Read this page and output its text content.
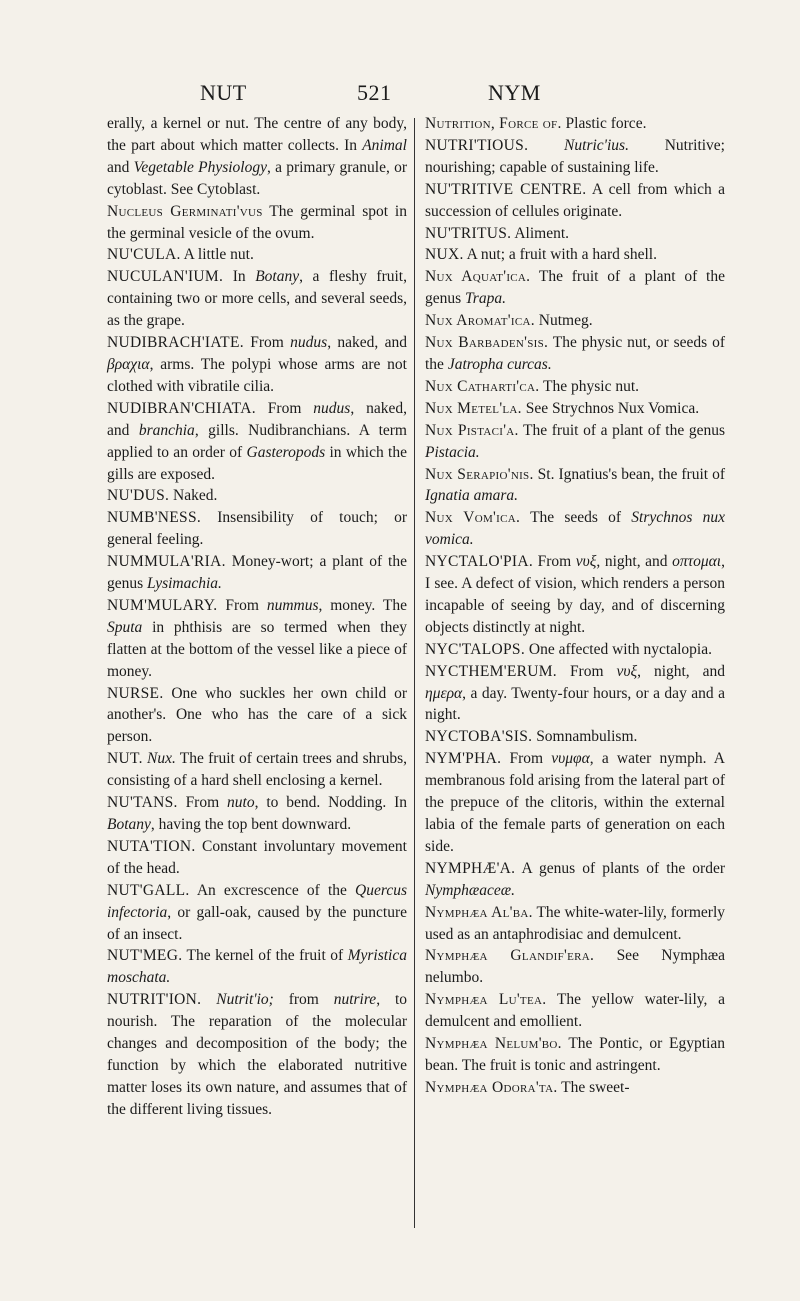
NUT	521	NYM

erally, a kernel or nut. The centre of any body, the part about which matter collects. In Animal and Vegetable Physiology, a primary granule, or cytoblast. See Cytoblast.

Nucleus Germinati'vus The germinal spot in the germinal vesicle of the ovum.

NU'CULA. A little nut.

NUCULAN'IUM. In Botany, a fleshy fruit, containing two or more cells, and several seeds, as the grape.

NUDIBRACH'IATE. From nudus, naked, and βραχια, arms. The polypi whose arms are not clothed with vibratile cilia.

NUDIBRAN'CHIATA. From nudus, naked, and branchia, gills. Nudibranchians. A term applied to an order of Gasteropods in which the gills are exposed.

NU'DUS. Naked.

NUMB'NESS. Insensibility of touch; or general feeling.

NUMMULA'RIA. Money-wort; a plant of the genus Lysimachia.

NUM'MULARY. From nummus, money. The Sputa in phthisis are so termed when they flatten at the bottom of the vessel like a piece of money.

NURSE. One who suckles her own child or another's. One who has the care of a sick person.

NUT. Nux. The fruit of certain trees and shrubs, consisting of a hard shell enclosing a kernel.

NU'TANS. From nuto, to bend. Nodding. In Botany, having the top bent downward.

NUTA'TION. Constant involuntary movement of the head.

NUT'GALL. An excrescence of the Quercus infectoria, or gall-oak, caused by the puncture of an insect.

NUT'MEG. The kernel of the fruit of Myristica moschata.

NUTRIT'ION. Nutrit'io; from nutrire, to nourish. The reparation of the molecular changes and decomposition of the body; the function by which the elaborated nutritive matter loses its own nature, and assumes that of the different living tissues.

Nutrition, Force of. Plastic force.

NUTRI'TIOUS. Nutric'ius. Nutritive; nourishing; capable of sustaining life.

NU'TRITIVE CENTRE. A cell from which a succession of cellules originate.

NU'TRITUS. Aliment.

NUX. A nut; a fruit with a hard shell.

Nux Aquat'ica. The fruit of a plant of the genus Trapa.

Nux Aromat'ica. Nutmeg.

Nux Barbaden'sis. The physic nut, or seeds of the Jatropha curcas.

Nux Catharti'ca. The physic nut.

Nux Metel'la. See Strychnos Nux Vomica.

Nux Pistaci'a. The fruit of a plant of the genus Pistacia.

Nux Serapio'nis. St. Ignatius's bean, the fruit of Ignatia amara.

Nux Vom'ica. The seeds of Strychnos nux vomica.

NYCTALO'PIA. From νυξ, night, and οπτομαι, I see. A defect of vision, which renders a person incapable of seeing by day, and of discerning objects distinctly at night.

NYC'TALOPS. One affected with nyctalopia.

NYCTHEM'ERUM. From νυξ, night, and ημερα, a day. Twenty-four hours, or a day and a night.

NYCTOBA'SIS. Somnambulism.

NYM'PHA. From νυμφα, a water nymph. A membranous fold arising from the lateral part of the prepuce of the clitoris, within the external labia of the female parts of generation on each side.

NYMPHÆ'A. A genus of plants of the order Nymphæaceæ.

Nymphæa Al'ba. The white-water-lily, formerly used as an antaphrodisiac and demulcent.

Nymphæa Glandif'era. See Nymphæa nelumbo.

Nymphæa Lu'tea. The yellow water-lily, a demulcent and emollient.

Nymphæa Nelum'bo. The Pontic, or Egyptian bean. The fruit is tonic and astringent.

Nymphæa Odora'ta. The sweet-
